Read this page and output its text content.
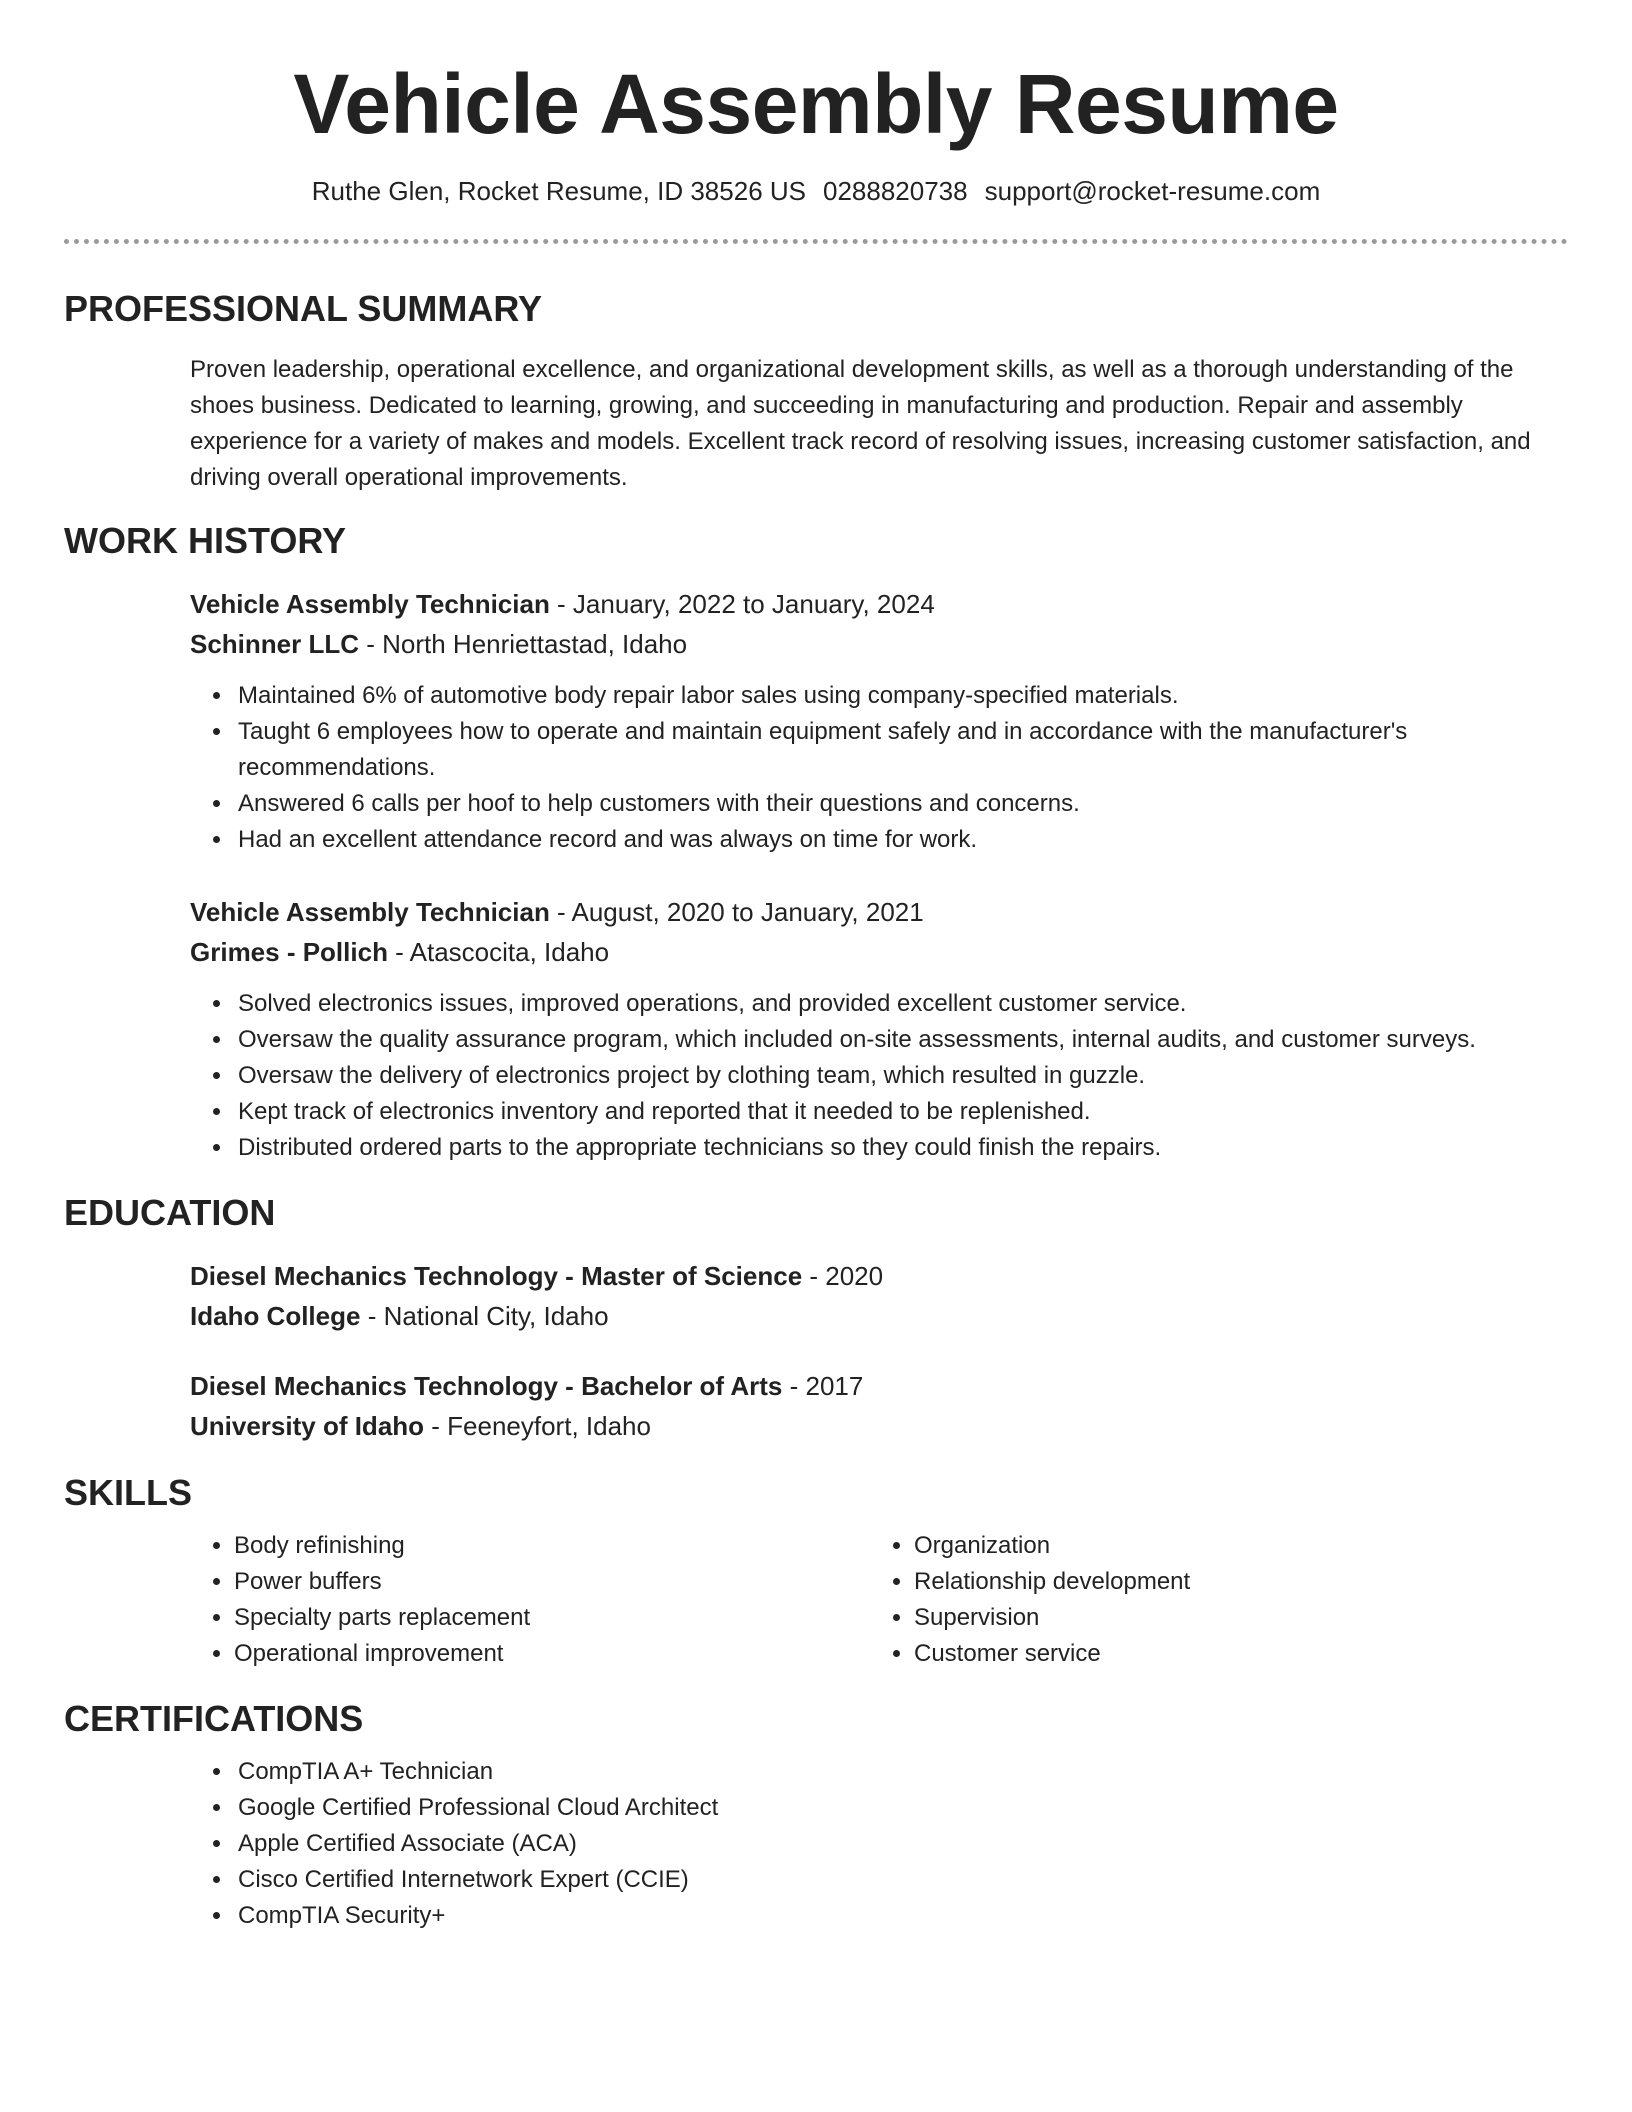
Vehicle Assembly Resume
Ruthe Glen, Rocket Resume, ID 38526 US 0288820738 support@rocket-resume.com
PROFESSIONAL SUMMARY
Proven leadership, operational excellence, and organizational development skills, as well as a thorough understanding of the shoes business. Dedicated to learning, growing, and succeeding in manufacturing and production. Repair and assembly experience for a variety of makes and models. Excellent track record of resolving issues, increasing customer satisfaction, and driving overall operational improvements.
WORK HISTORY
Vehicle Assembly Technician - January, 2022 to January, 2024
Schinner LLC - North Henriettastad, Idaho
• Maintained 6% of automotive body repair labor sales using company-specified materials.
• Taught 6 employees how to operate and maintain equipment safely and in accordance with the manufacturer's recommendations.
• Answered 6 calls per hoof to help customers with their questions and concerns.
• Had an excellent attendance record and was always on time for work.
Vehicle Assembly Technician - August, 2020 to January, 2021
Grimes - Pollich - Atascocita, Idaho
• Solved electronics issues, improved operations, and provided excellent customer service.
• Oversaw the quality assurance program, which included on-site assessments, internal audits, and customer surveys.
• Oversaw the delivery of electronics project by clothing team, which resulted in guzzle.
• Kept track of electronics inventory and reported that it needed to be replenished.
• Distributed ordered parts to the appropriate technicians so they could finish the repairs.
EDUCATION
Diesel Mechanics Technology - Master of Science - 2020
Idaho College - National City, Idaho
Diesel Mechanics Technology - Bachelor of Arts - 2017
University of Idaho - Feeneyfort, Idaho
SKILLS
• Body refinishing
• Power buffers
• Specialty parts replacement
• Operational improvement
• Organization
• Relationship development
• Supervision
• Customer service
CERTIFICATIONS
• CompTIA A+ Technician
• Google Certified Professional Cloud Architect
• Apple Certified Associate (ACA)
• Cisco Certified Internetwork Expert (CCIE)
• CompTIA Security+
